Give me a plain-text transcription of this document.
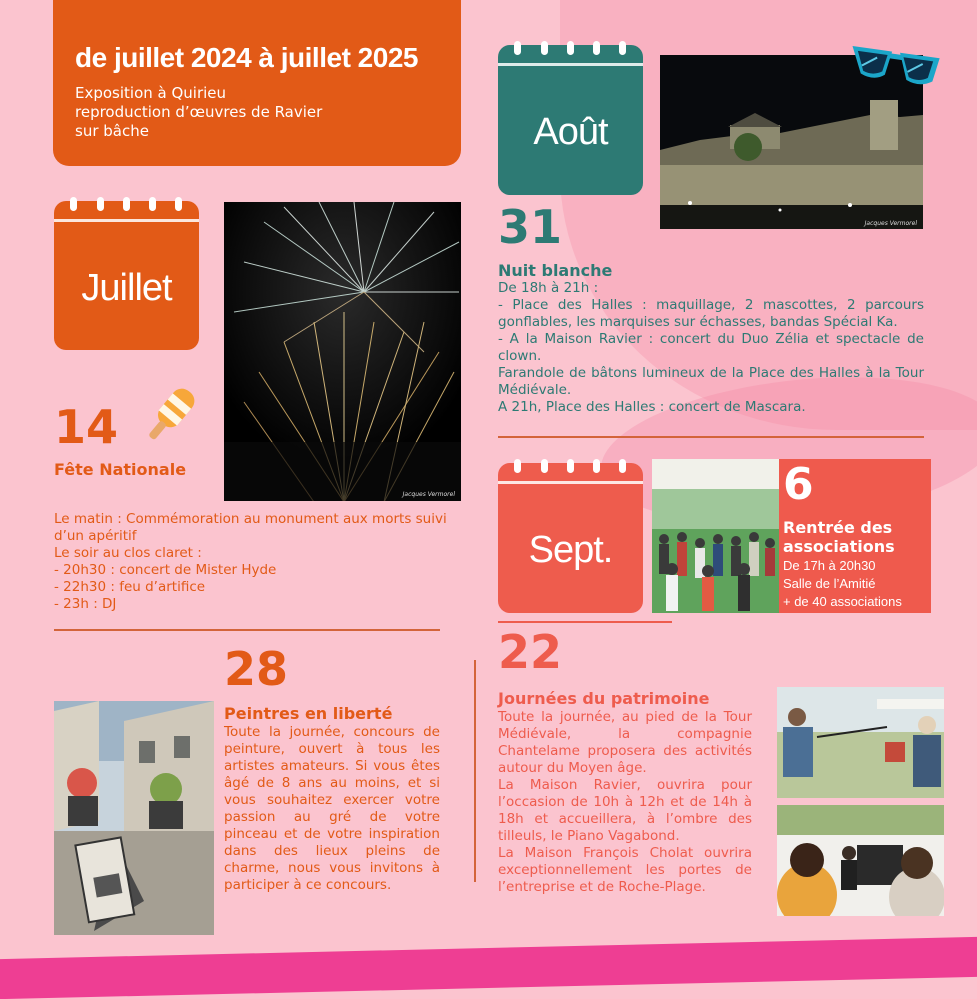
de juillet 2024 à juillet 2025
Exposition à Quirieu
reproduction d’œuvres de Ravier
sur bâche
Juillet
Jacques Vermorel
14
Fête Nationale
Le matin : Commémoration au monument aux morts suivi d’un apéritif
Le soir au clos claret :
- 20h30 : concert de Mister Hyde
- 22h30 : feu d’artifice
- 23h : DJ
28
Peintres en liberté
Toute la journée, concours de peinture, ouvert à tous les artistes amateurs. Si vous êtes âgé de 8 ans au moins, et si vous souhaitez exercer votre passion au gré de votre pinceau et de votre inspiration dans des lieux pleins de charme, nous vous invitons à participer à ce concours.
Août
Jacques Vermorel
31
Nuit blanche
De 18h à 21h :
- Place des Halles : maquillage, 2 mascottes, 2 parcours gonflables, les marquises sur échasses, bandas Spécial Ka.
- A la Maison Ravier : concert du Duo Zélia et spectacle de clown.
Farandole de bâtons lumineux de la Place des Halles à la Tour Médiévale.
A 21h, Place des Halles : concert de Mascara.
Sept.
6
Rentrée des
associations
De 17h à 20h30
Salle de l’Amitié
+ de 40 associations
22
Journées du patrimoine
Toute la journée, au pied de la Tour Médiévale, la compagnie Chantelame proposera des activités autour du Moyen âge.
La Maison Ravier, ouvrira pour l’occasion de 10h à 12h et de 14h à 18h et accueillera, à l’ombre des tilleuls, le Piano Vagabond.
La Maison François Cholat ouvrira exceptionnellement les portes de l’entreprise et de Roche-Plage.
